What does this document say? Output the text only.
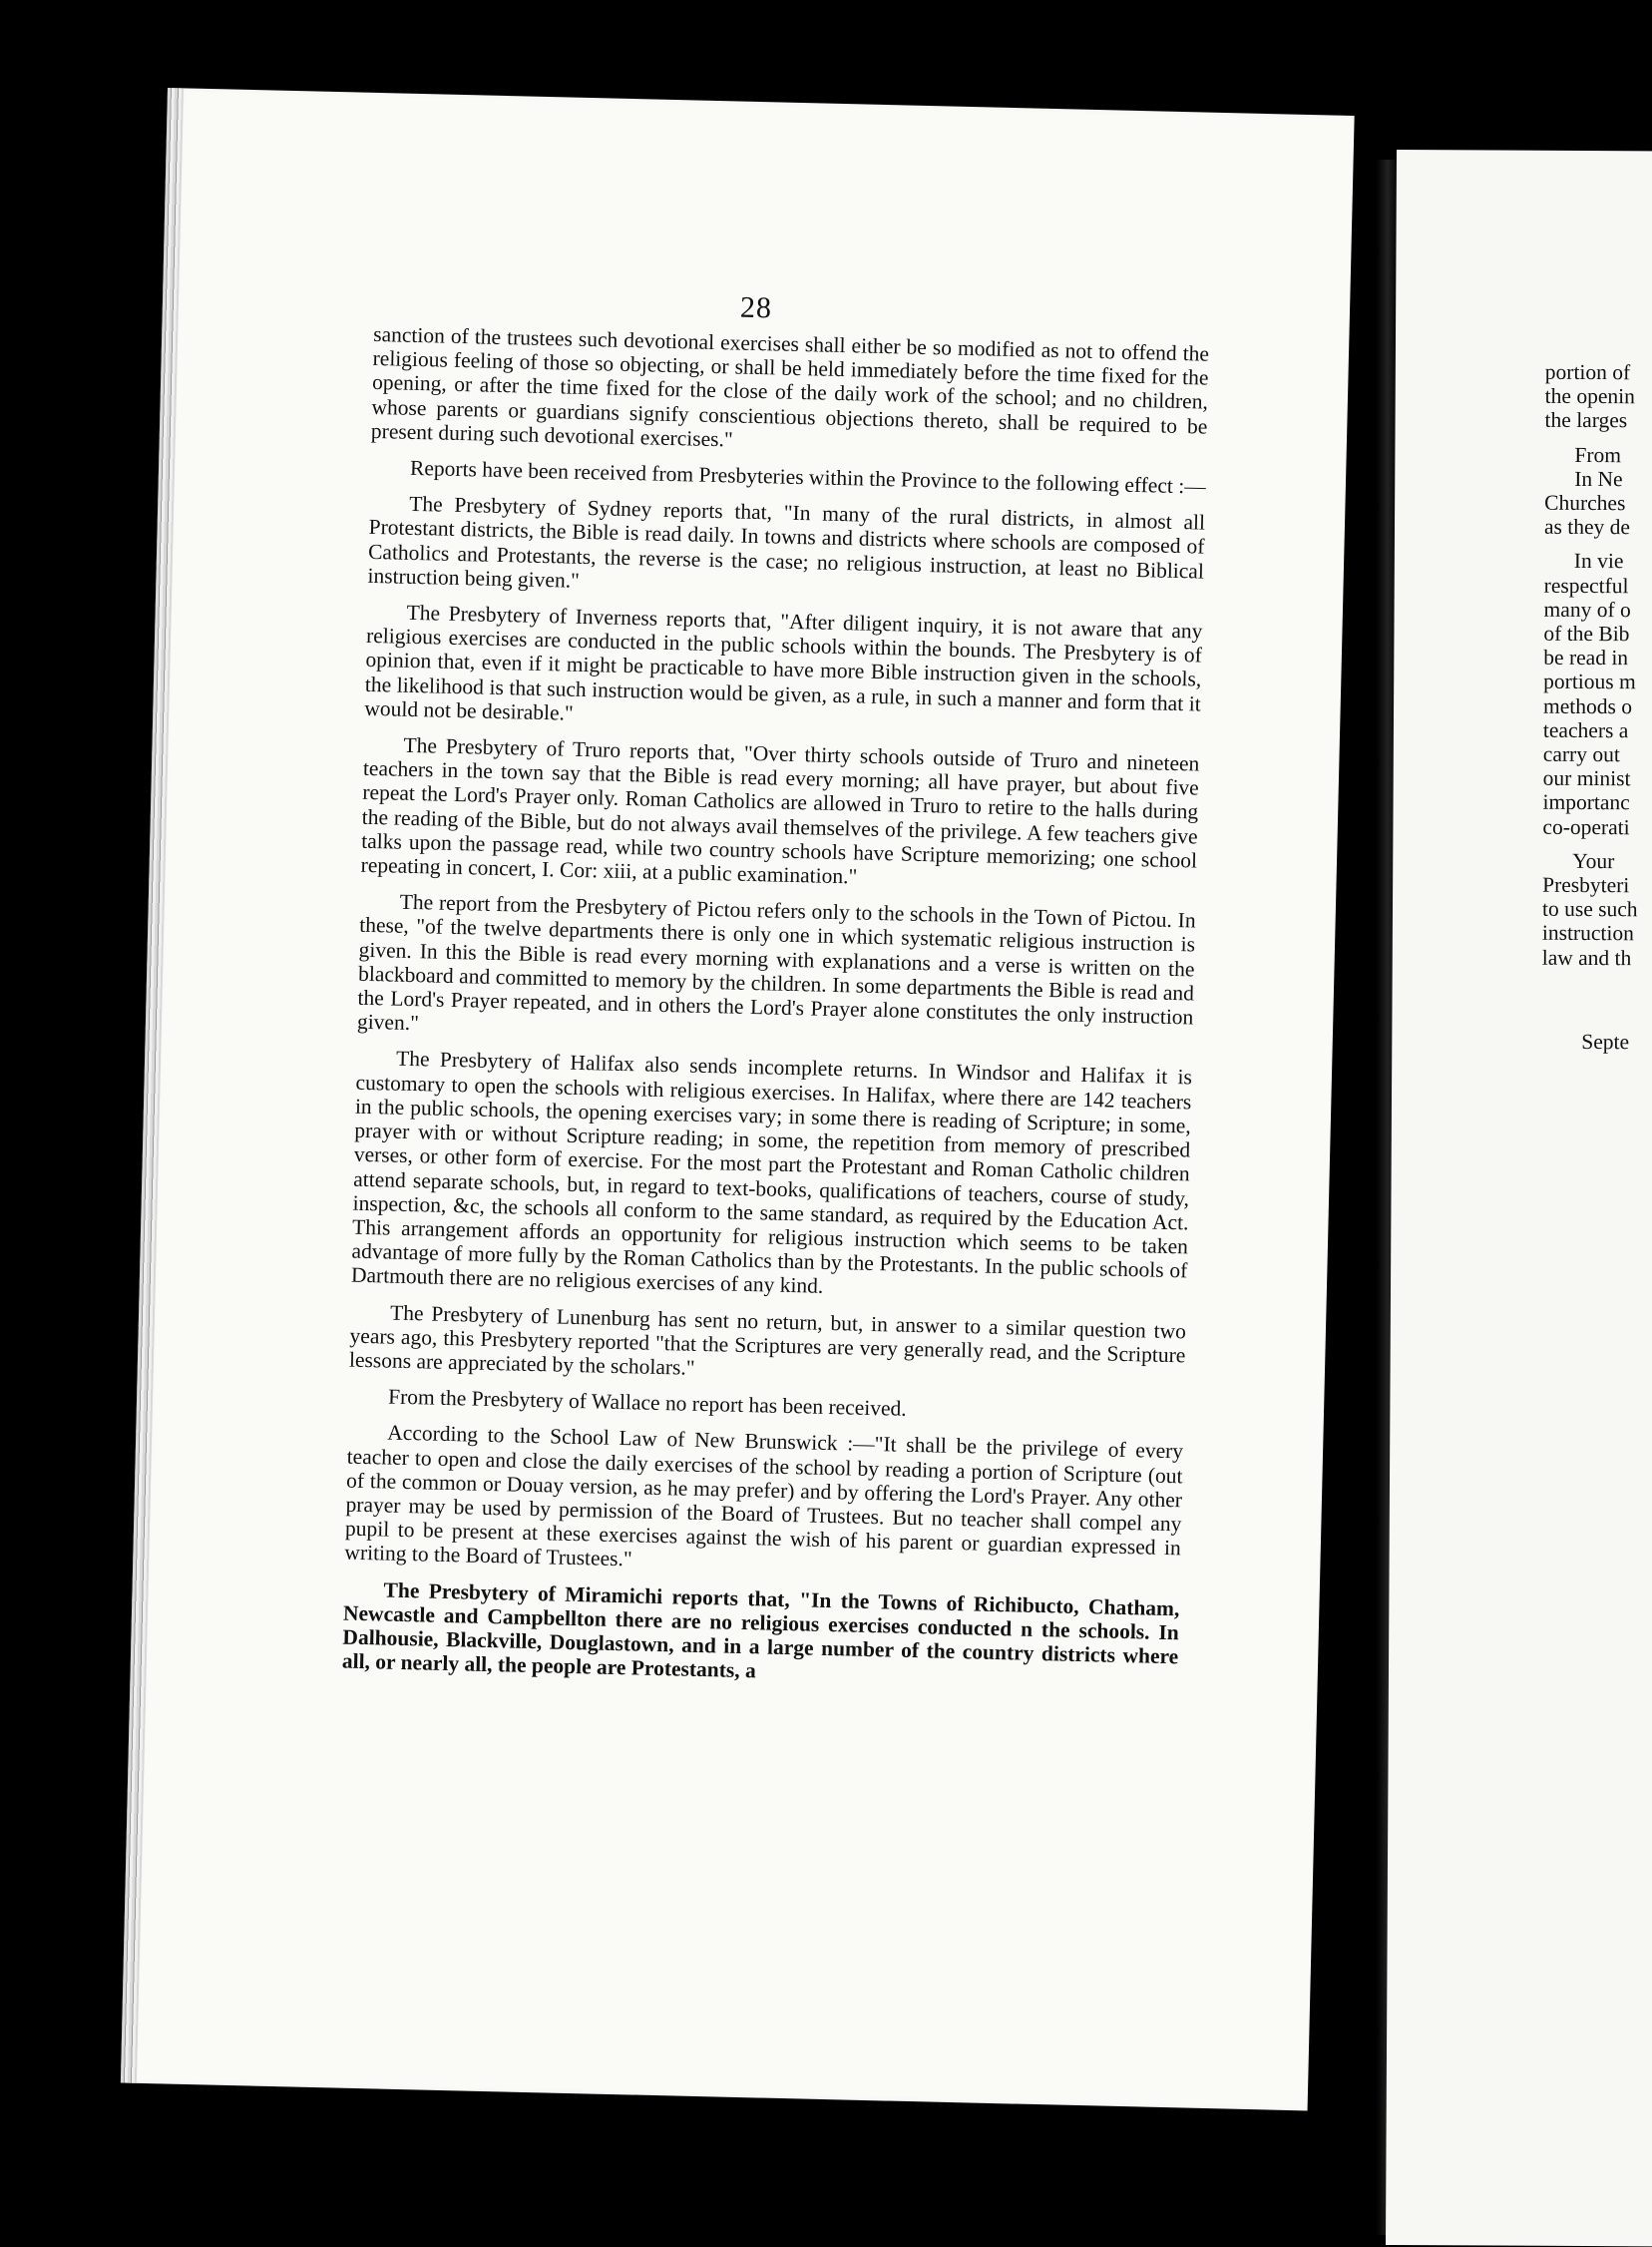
28

sanction of the trustees such devotional exercises shall either be so modified as not to offend the religious feeling of those so objecting, or shall be held immediately before the time fixed for the opening, or after the time fixed for the close of the daily work of the school; and no children, whose parents or guardians signify conscientious objections thereto, shall be required to be present during such devotional exercises."

Reports have been received from Presbyteries within the Province to the following effect :—

The Presbytery of Sydney reports that, "In many of the rural districts, in almost all Protestant districts, the Bible is read daily. In towns and districts where schools are composed of Catholics and Protestants, the reverse is the case; no religious instruction, at least no Biblical instruction being given."

The Presbytery of Inverness reports that, "After diligent inquiry, it is not aware that any religious exercises are conducted in the public schools within the bounds. The Presbytery is of opinion that, even if it might be practicable to have more Bible instruction given in the schools, the likelihood is that such instruction would be given, as a rule, in such a manner and form that it would not be desirable."

The Presbytery of Truro reports that, "Over thirty schools outside of Truro and nineteen teachers in the town say that the Bible is read every morning; all have prayer, but about five repeat the Lord's Prayer only. Roman Catholics are allowed in Truro to retire to the halls during the reading of the Bible, but do not always avail themselves of the privilege. A few teachers give talks upon the passage read, while two country schools have Scripture memorizing; one school repeating in concert, I. Cor: xiii, at a public examination."

The report from the Presbytery of Pictou refers only to the schools in the Town of Pictou. In these, "of the twelve departments there is only one in which systematic religious instruction is given. In this the Bible is read every morning with explanations and a verse is written on the blackboard and committed to memory by the children. In some departments the Bible is read and the Lord's Prayer repeated, and in others the Lord's Prayer alone constitutes the only instruction given."

The Presbytery of Halifax also sends incomplete returns. In Windsor and Halifax it is customary to open the schools with religious exercises. In Halifax, where there are 142 teachers in the public schools, the opening exercises vary; in some there is reading of Scripture; in some, prayer with or without Scripture reading; in some, the repetition from memory of prescribed verses, or other form of exercise. For the most part the Protestant and Roman Catholic children attend separate schools, but, in regard to text-books, qualifications of teachers, course of study, inspection, &c, the schools all conform to the same standard, as required by the Education Act. This arrangement affords an opportunity for religious instruction which seems to be taken advantage of more fully by the Roman Catholics than by the Protestants. In the public schools of Dartmouth there are no religious exercises of any kind.

The Presbytery of Lunenburg has sent no return, but, in answer to a similar question two years ago, this Presbytery reported "that the Scriptures are very generally read, and the Scripture lessons are appreciated by the scholars."

From the Presbytery of Wallace no report has been received.

According to the School Law of New Brunswick :—"It shall be the privilege of every teacher to open and close the daily exercises of the school by reading a portion of Scripture (out of the common or Douay version, as he may prefer) and by offering the Lord's Prayer. Any other prayer may be used by permission of the Board of Trustees. But no teacher shall compel any pupil to be present at these exercises against the wish of his parent or guardian expressed in writing to the Board of Trustees."

The Presbytery of Miramichi reports that, "In the Towns of Richibucto, Chatham, Newcastle and Campbellton there are no religious exercises conducted n the schools. In Dalhousie, Blackville, Douglastown, and in a large number of the country districts where all, or nearly all, the people are Protestants, a

portion of
the openin
the larges
From
In Ne
Churches
as they de
In vie
respectful
many of o
of the Bib
be read in
portious m
methods o
teachers a
carry out
our minist
importanc
co-operati
Your
Presbyteri
to use such
instruction
law and th
Septe
